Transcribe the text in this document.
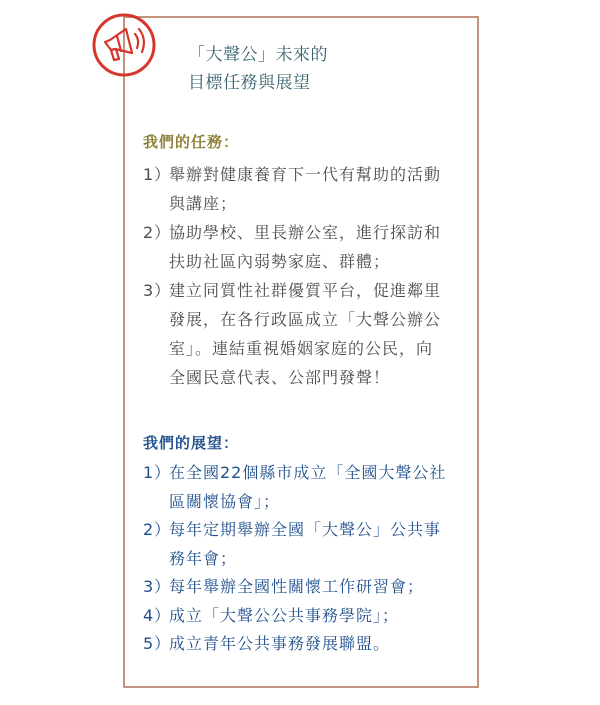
「大聲公」未來的
目標任務與展望
我們的任務：
1）
舉辦對健康養育下一代有幫助的活動
與講座；
2）
協助學校、里長辦公室，進行探訪和
扶助社區內弱勢家庭、群體；
3）
建立同質性社群優質平台，促進鄰里
發展，在各行政區成立「大聲公辦公
室」。連結重視婚姻家庭的公民，向
全國民意代表、公部門發聲！
我們的展望：
1）
在全國22個縣市成立「全國大聲公社
區關懷協會」；
2）
每年定期舉辦全國「大聲公」公共事
務年會；
3）
每年舉辦全國性關懷工作研習會；
4）
成立「大聲公公共事務學院」；
5）
成立青年公共事務發展聯盟。
